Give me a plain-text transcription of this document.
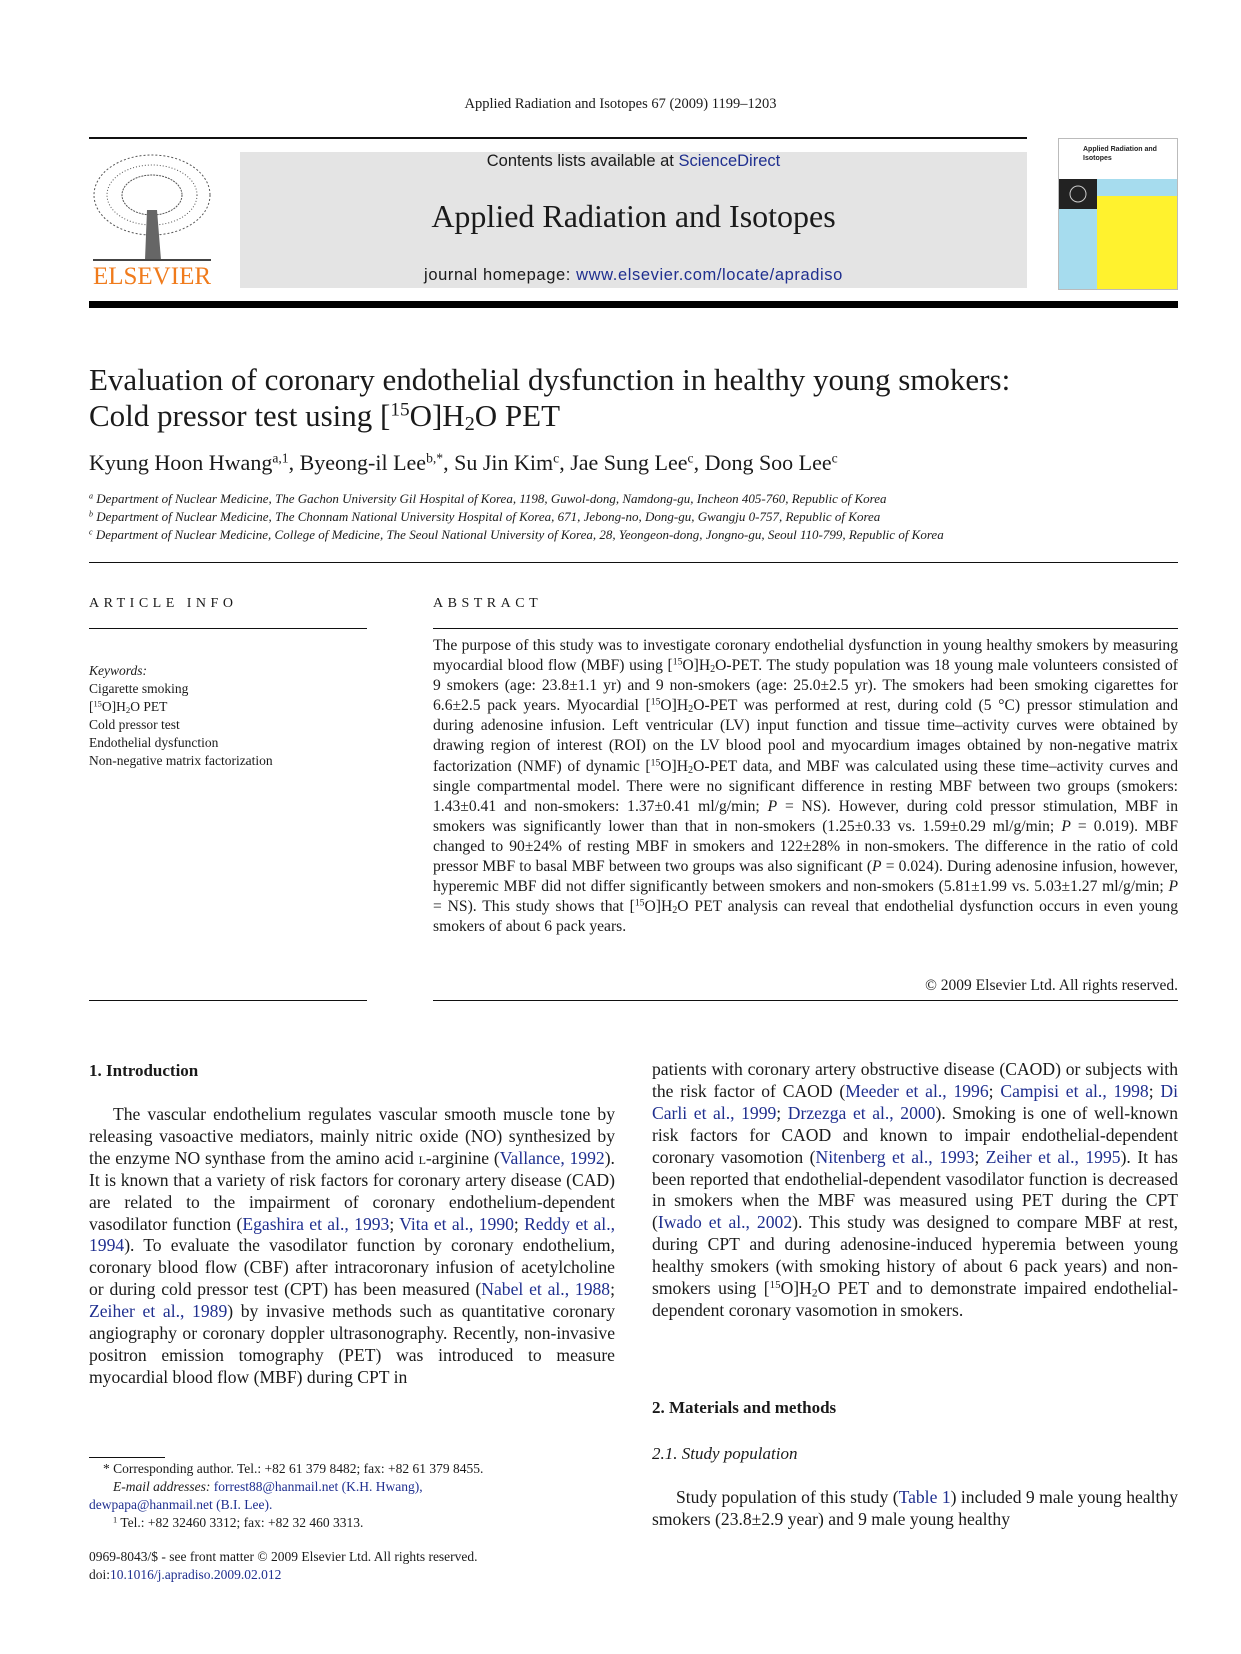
Applied Radiation and Isotopes 67 (2009) 1199–1203
ELSEVIER
Contents lists available at ScienceDirect
Applied Radiation and Isotopes
journal homepage: www.elsevier.com/locate/apradiso
Applied Radiation and
Isotopes
Evaluation of coronary endothelial dysfunction in healthy young smokers:
Cold pressor test using $[^{15}O]H_2O$ PET
Kyung Hoon Hwang$^{a,1}$, Byeong-il Lee$^{b,*}$, Su Jin Kim$^c$, Jae Sung Lee$^c$, Dong Soo Lee$^c$
$^a$ Department of Nuclear Medicine, The Gachon University Gil Hospital of Korea, 1198, Guwol-dong, Namdong-gu, Incheon 405-760, Republic of Korea
$^b$ Department of Nuclear Medicine, The Chonnam National University Hospital of Korea, 671, Jebong-no, Dong-gu, Gwangju 0-757, Republic of Korea
$^c$ Department of Nuclear Medicine, College of Medicine, The Seoul National University of Korea, 28, Yeongeon-dong, Jongno-gu, Seoul 110-799, Republic of Korea
ARTICLE INFO	ABSTRACT
Keywords:
Cigarette smoking
$[^{15}O]H_2O$ PET
Cold pressor test
Endothelial dysfunction
Non-negative matrix factorization
The purpose of this study was to investigate coronary endothelial dysfunction in young healthy smokers by measuring myocardial blood flow (MBF) using $[^{15}O]H_2O$-PET. The study population was 18 young male volunteers consisted of 9 smokers (age: 23.8±1.1 yr) and 9 non-smokers (age: 25.0±2.5 yr). The smokers had been smoking cigarettes for 6.6±2.5 pack years. Myocardial $[^{15}O]H_2O$-PET was performed at rest, during cold (5 °C) pressor stimulation and during adenosine infusion. Left ventricular (LV) input function and tissue time–activity curves were obtained by drawing region of interest (ROI) on the LV blood pool and myocardium images obtained by non-negative matrix factorization (NMF) of dynamic $[^{15}O]H_2O$-PET data, and MBF was calculated using these time–activity curves and single compartmental model. There were no significant difference in resting MBF between two groups (smokers: 1.43±0.41 and non-smokers: 1.37±0.41 ml/g/min; P = NS). However, during cold pressor stimulation, MBF in smokers was significantly lower than that in non-smokers (1.25±0.33 vs. 1.59±0.29 ml/g/min; P = 0.019). MBF changed to 90±24% of resting MBF in smokers and 122±28% in non-smokers. The difference in the ratio of cold pressor MBF to basal MBF between two groups was also significant (P = 0.024). During adenosine infusion, however, hyperemic MBF did not differ significantly between smokers and non-smokers (5.81±1.99 vs. 5.03±1.27 ml/g/min; P = NS). This study shows that $[^{15}O]H_2O$ PET analysis can reveal that endothelial dysfunction occurs in even young smokers of about 6 pack years.
© 2009 Elsevier Ltd. All rights reserved.
1. Introduction
The vascular endothelium regulates vascular smooth muscle tone by releasing vasoactive mediators, mainly nitric oxide (NO) synthesized by the enzyme NO synthase from the amino acid l-arginine (Vallance, 1992). It is known that a variety of risk factors for coronary artery disease (CAD) are related to the impairment of coronary endothelium-dependent vasodilator function (Egashira et al., 1993; Vita et al., 1990; Reddy et al., 1994). To evaluate the vasodilator function by coronary endothelium, coronary blood flow (CBF) after intracoronary infusion of acetylcholine or during cold pressor test (CPT) has been measured (Nabel et al., 1988; Zeiher et al., 1989) by invasive methods such as quantitative coronary angiography or coronary doppler ultrasonography. Recently, non-invasive positron emission tomography (PET) was introduced to measure myocardial blood flow (MBF) during CPT in
patients with coronary artery obstructive disease (CAOD) or subjects with the risk factor of CAOD (Meeder et al., 1996; Campisi et al., 1998; Di Carli et al., 1999; Drzezga et al., 2000). Smoking is one of well-known risk factors for CAOD and known to impair endothelial-dependent coronary vasomotion (Nitenberg et al., 1993; Zeiher et al., 1995). It has been reported that endothelial-dependent vasodilator function is decreased in smokers when the MBF was measured using PET during the CPT (Iwado et al., 2002). This study was designed to compare MBF at rest, during CPT and during adenosine-induced hyperemia between young healthy smokers (with smoking history of about 6 pack years) and non-smokers using $[^{15}O]H_2O$ PET and to demonstrate impaired endothelial-dependent coronary vasomotion in smokers.
2. Materials and methods
2.1. Study population
Study population of this study (Table 1) included 9 male young healthy smokers (23.8±2.9 year) and 9 male young healthy
* Corresponding author. Tel.: +82 61 379 8482; fax: +82 61 379 8455.
E-mail addresses: forrest88@hanmail.net (K.H. Hwang),
dewpapa@hanmail.net (B.I. Lee).
$^1$ Tel.: +82 32460 3312; fax: +82 32 460 3313.
0969-8043/$ - see front matter © 2009 Elsevier Ltd. All rights reserved.
doi:10.1016/j.apradiso.2009.02.012
